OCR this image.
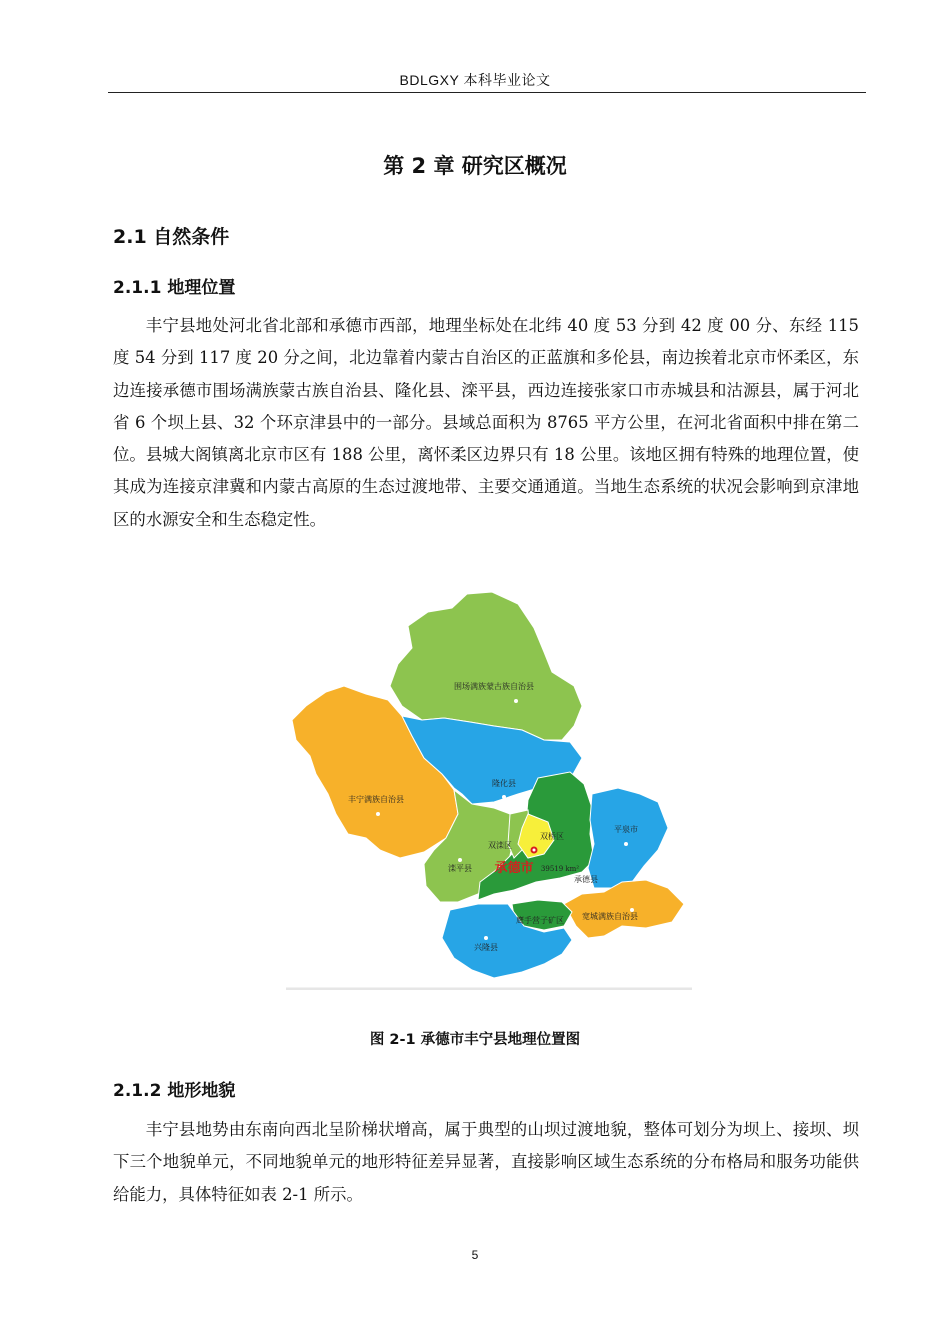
BDLGXY 本科毕业论文
第 2 章 研究区概况
2.1 自然条件
2.1.1 地理位置

丰宁县地处河北省北部和承德市西部，地理坐标处在北纬 40 度 53 分到 42 度 00 分、东经 115 度 54 分到 117 度 20 分之间，北边靠着内蒙古自治区的正蓝旗和多伦县，南边挨着北京市怀柔区，东边连接承德市围场满族蒙古族自治县、隆化县、滦平县，西边连接张家口市赤城县和沽源县，属于河北省 6 个坝上县、32 个环京津县中的一部分。县域总面积为 8765 平方公里，在河北省面积中排在第二位。县城大阁镇离北京市区有 188 公里，离怀柔区边界只有 18 公里。该地区拥有特殊的地理位置，使其成为连接京津冀和内蒙古高原的生态过渡地带、主要交通通道。当地生态系统的状况会影响到京津地区的水源安全和生态稳定性。

围场满族蒙古族自治县
丰宁满族自治县
隆化县
双滦区
双桥区
滦平县 承德市 39519 km²
承德县
平泉市
鹰手营子矿区 宽城满族自治县
兴隆县
图 2-1 承德市丰宁县地理位置图
2.1.2 地形地貌

丰宁县地势由东南向西北呈阶梯状增高，属于典型的山坝过渡地貌，整体可划分为坝上、接坝、坝下三个地貌单元，不同地貌单元的地形特征差异显著，直接影响区域生态系统的分布格局和服务功能供给能力，具体特征如表 2-1 所示。

5
